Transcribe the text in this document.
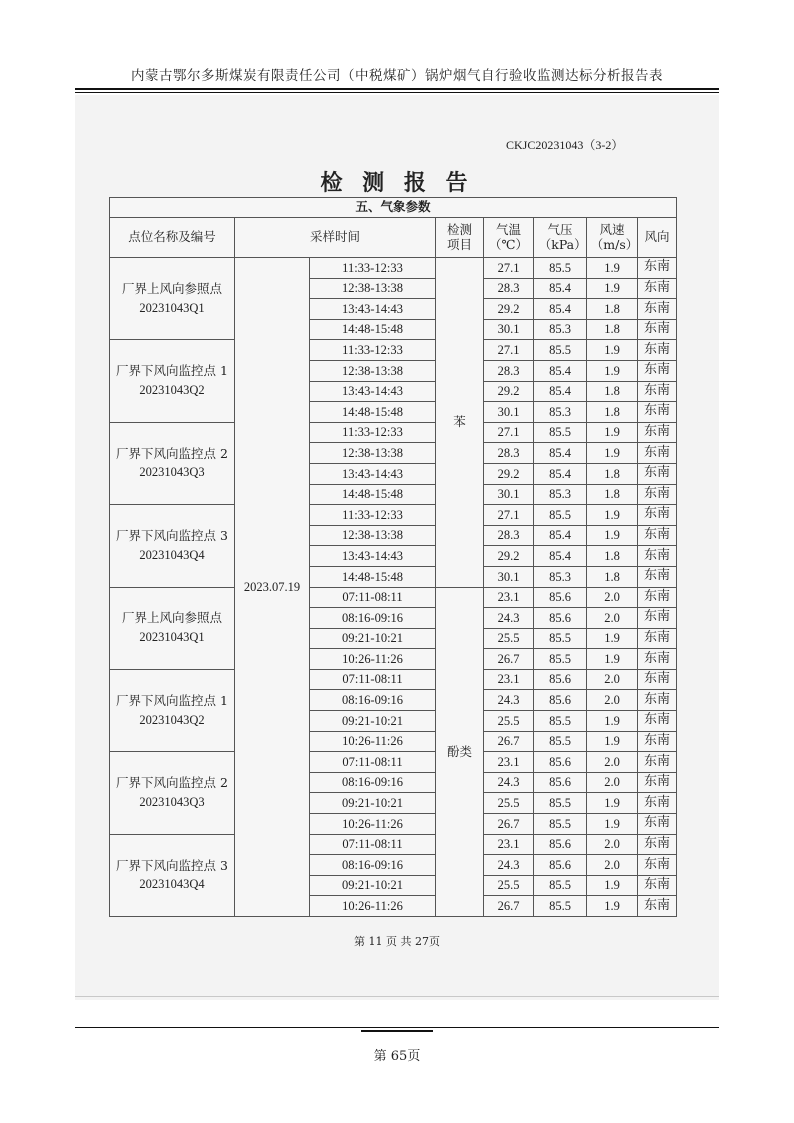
内蒙古鄂尔多斯煤炭有限责任公司（中税煤矿）锅炉烟气自行验收监测达标分析报告表
CKJC20231043（3-2）
检 测 报 告
五、气象参数							
点位名称及编号	采样时间		检测项目	气温（℃）	气压（kPa）	风速（m/s）	风向

厂界上风向参照点
20231043Q1	2023.07.19	11:33-12:33	苯	27.1	85.5	1.9	东南
		12:38-13:38		28.3	85.4	1.9	东南
		13:43-14:43		29.2	85.4	1.8	东南
		14:48-15:48		30.1	85.3	1.8	东南

厂界下风向监控点 1
20231043Q2		11:33-12:33		27.1	85.5	1.9	东南
		12:38-13:38		28.3	85.4	1.9	东南
		13:43-14:43		29.2	85.4	1.8	东南
		14:48-15:48		30.1	85.3	1.8	东南

厂界下风向监控点 2
20231043Q3		11:33-12:33		27.1	85.5	1.9	东南
		12:38-13:38		28.3	85.4	1.9	东南
		13:43-14:43		29.2	85.4	1.8	东南
		14:48-15:48		30.1	85.3	1.8	东南

厂界下风向监控点 3
20231043Q4		11:33-12:33		27.1	85.5	1.9	东南
		12:38-13:38		28.3	85.4	1.9	东南
		13:43-14:43		29.2	85.4	1.8	东南
		14:48-15:48		30.1	85.3	1.8	东南

厂界上风向参照点
20231043Q1		07:11-08:11	酚类	23.1	85.6	2.0	东南
		08:16-09:16		24.3	85.6	2.0	东南
		09:21-10:21		25.5	85.5	1.9	东南
		10:26-11:26		26.7	85.5	1.9	东南

厂界下风向监控点 1
20231043Q2		07:11-08:11		23.1	85.6	2.0	东南
		08:16-09:16		24.3	85.6	2.0	东南
		09:21-10:21		25.5	85.5	1.9	东南
		10:26-11:26		26.7	85.5	1.9	东南

厂界下风向监控点 2
20231043Q3		07:11-08:11		23.1	85.6	2.0	东南
		08:16-09:16		24.3	85.6	2.0	东南
		09:21-10:21		25.5	85.5	1.9	东南
		10:26-11:26		26.7	85.5	1.9	东南

厂界下风向监控点 3
20231043Q4		07:11-08:11		23.1	85.6	2.0	东南
		08:16-09:16		24.3	85.6	2.0	东南
		09:21-10:21		25.5	85.5	1.9	东南
		10:26-11:26		26.7	85.5	1.9	东南
第 11 页 共 27页
第 65页
